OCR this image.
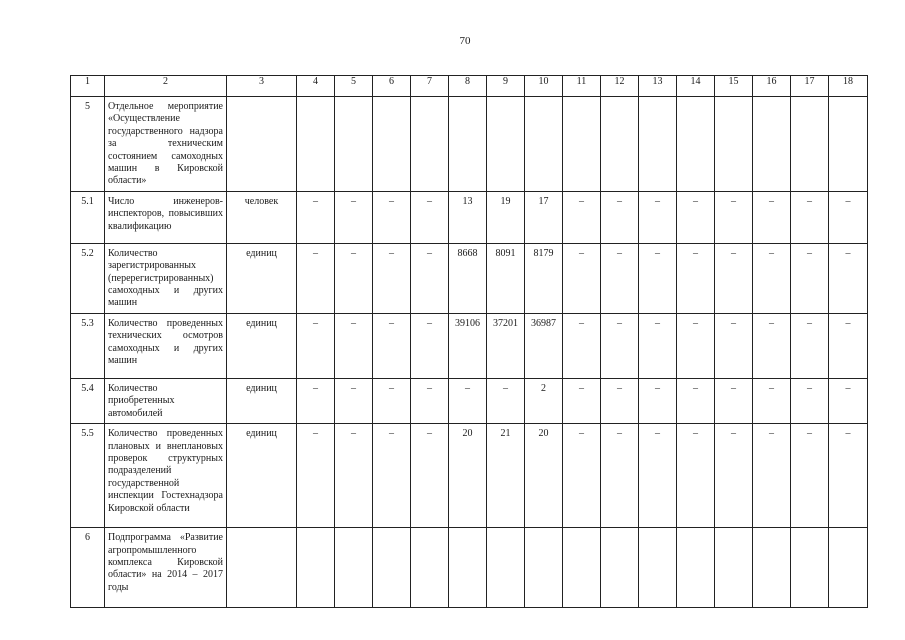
70
1	2	3	4	5	6	7	8	9	10	11	12	13	14	15	16	17	18
5	Отдельное мероприятие «Осуществление государственного надзора за техническим состоянием самоходных машин в Кировской области»																
5.1	Число инженеров-инспекторов, повысивших квалификацию	человек	–	–	–	–	13	19	17	–	–	–	–	–	–	–	–
5.2	Количество зарегистрированных (перерегистрированных) самоходных и других машин	единиц	–	–	–	–	8668	8091	8179	–	–	–	–	–	–	–	–
5.3	Количество проведенных технических осмотров самоходных и других машин	единиц	–	–	–	–	39106	37201	36987	–	–	–	–	–	–	–	–
5.4	Количество приобретенных автомобилей	единиц	–	–	–	–	–	–	2	–	–	–	–	–	–	–	–
5.5	Количество проведенных плановых и внеплановых проверок структурных подразделений государственной инспекции Гостехнадзора Кировской области	единиц	–	–	–	–	20	21	20	–	–	–	–	–	–	–	–
6	Подпрограмма «Развитие агропромышленного комплекса Кировской области» на 2014 – 2017 годы																
